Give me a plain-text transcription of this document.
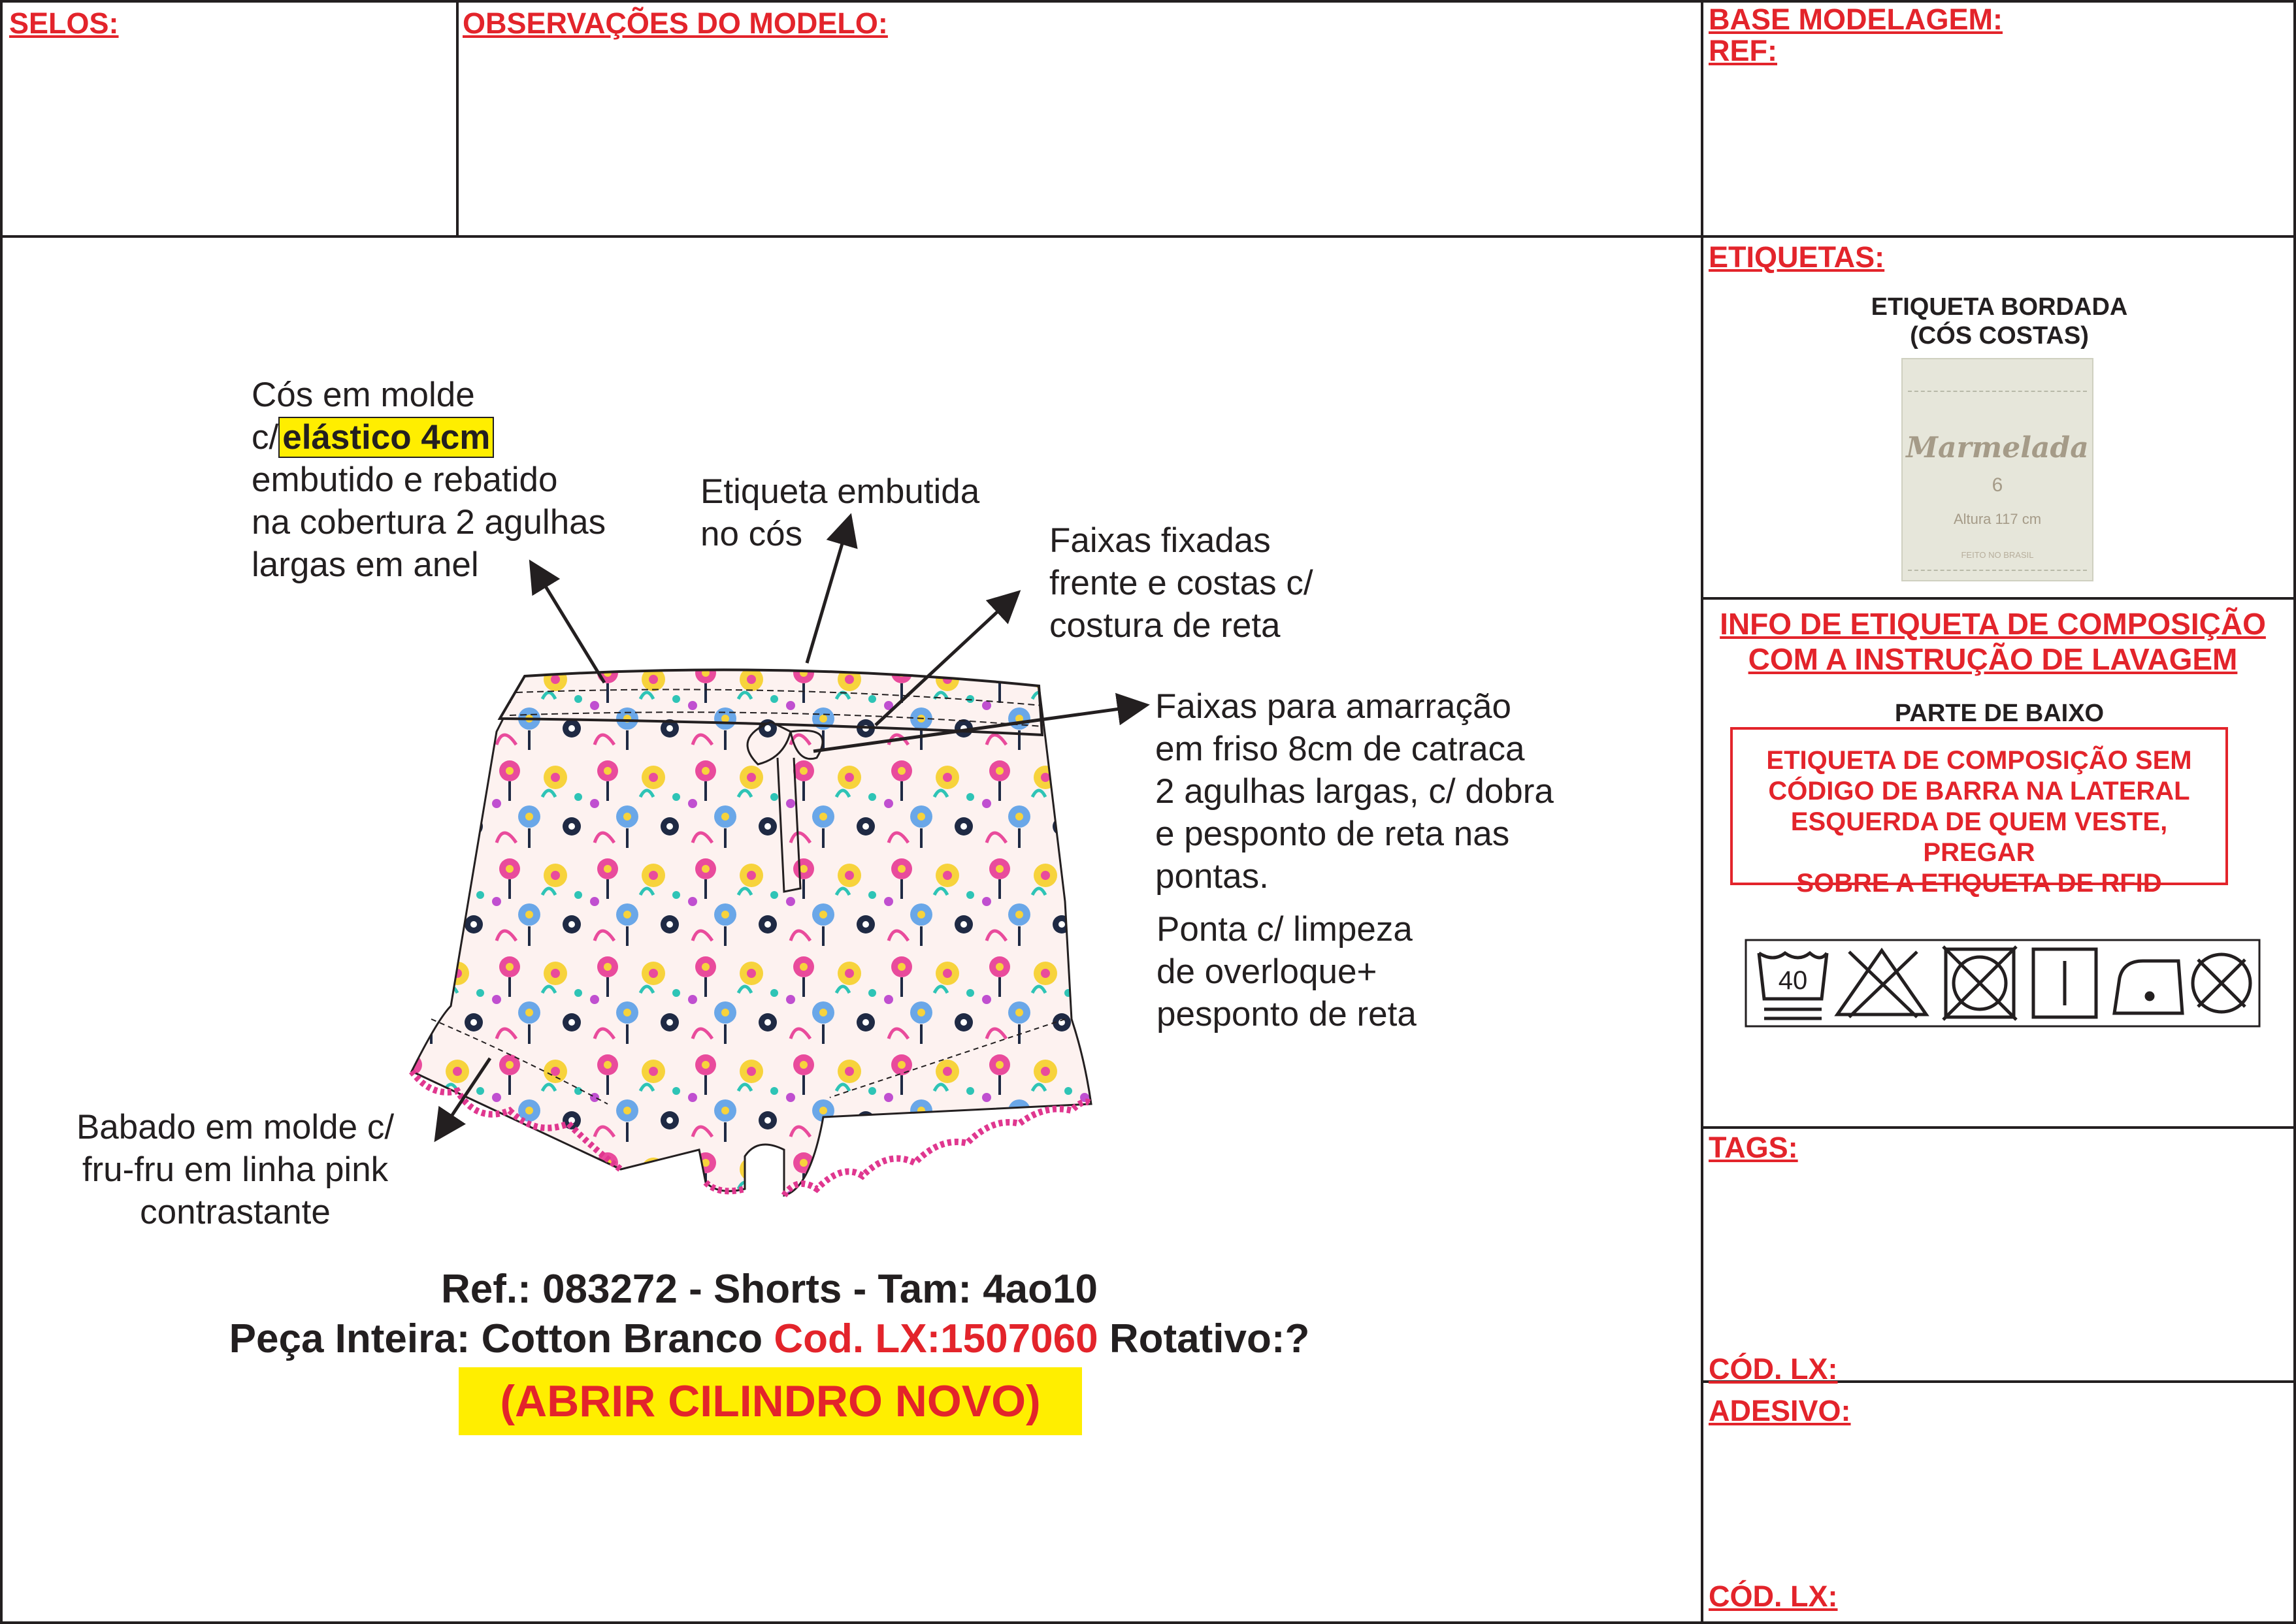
SELOS:	OBSERVAÇÕES DO MODELO:	BASE MODELAGEM:
REF:
ETIQUETAS:
ETIQUETA BORDADA
(CÓS COSTAS)
Marmelada
6
Altura 117 cm
FEITO NO BRASIL
INFO DE ETIQUETA DE COMPOSIÇÃO
COM A INSTRUÇÃO DE LAVAGEM
PARTE DE BAIXO
ETIQUETA DE COMPOSIÇÃO SEM
CÓDIGO DE BARRA NA LATERAL
ESQUERDA DE QUEM VESTE, PREGAR
SOBRE A ETIQUETA DE RFID
40
TAGS:
CÓD. LX:
ADESIVO:
CÓD. LX:
Cós em molde
c/ elástico 4cm
embutido e rebatido
na cobertura 2 agulhas
largas em anel
Etiqueta embutida
no cós	Faixas fixadas
frente e costas c/
costura de reta
Faixas para amarração
em friso 8cm de catraca
2 agulhas largas, c/ dobra
e pesponto de reta nas
pontas.
Ponta c/ limpeza
de overloque+
pesponto de reta
Babado em molde c/
fru-fru em linha pink
contrastante
Ref.: 083272 - Shorts - Tam: 4ao10
Peça Inteira: Cotton Branco Cod. LX:1507060 Rotativo:?
(ABRIR CILINDRO NOVO)
